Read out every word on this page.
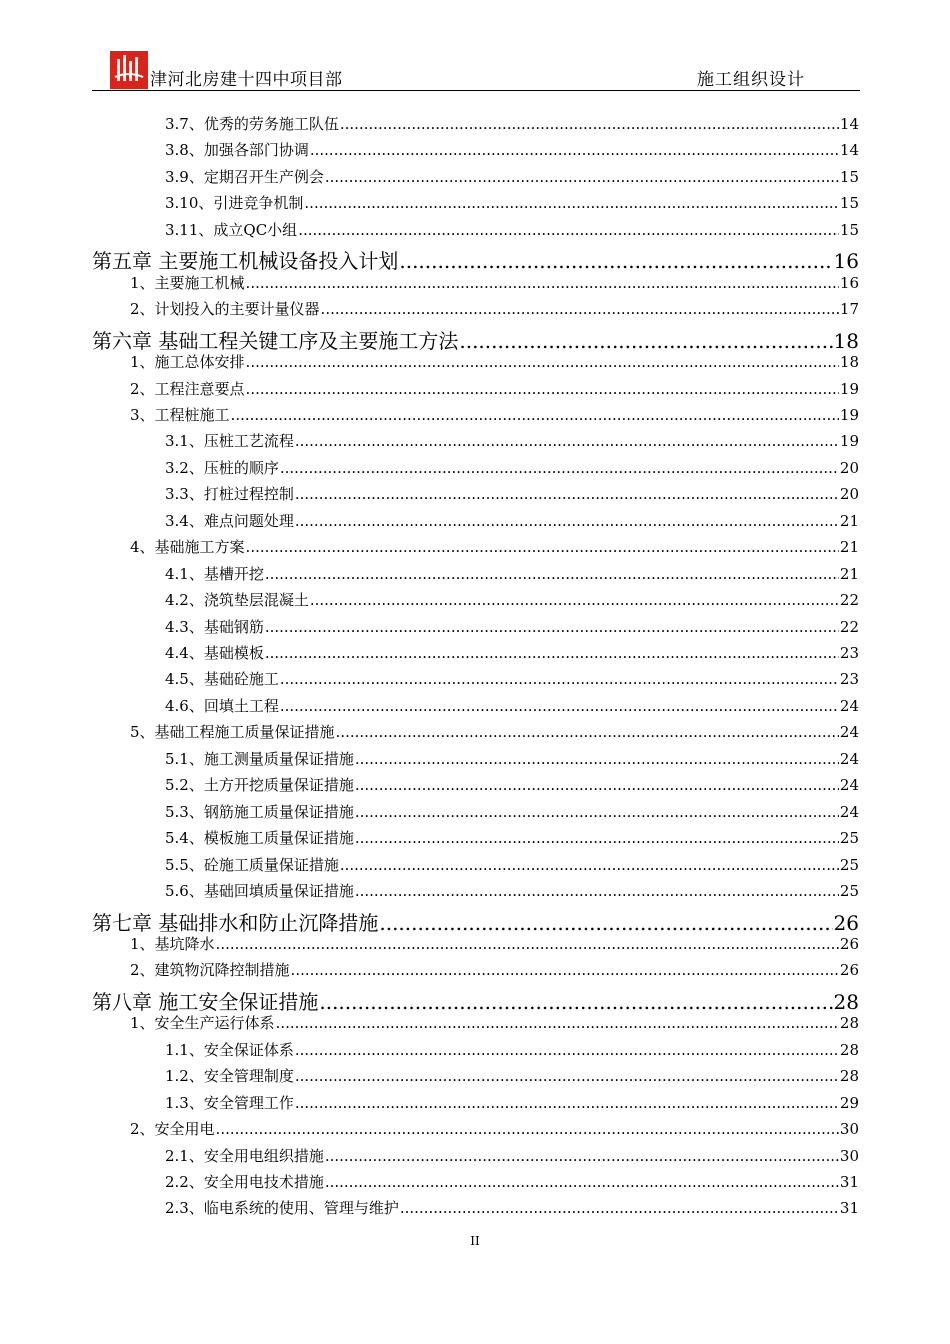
津河北房建十四中项目部	施工组织设计
3.7、优秀的劳务施工队伍 .....	14
3.8、加强各部门协调 .....	14
3.9、定期召开生产例会 .....	15
3.10、引进竞争机制 .....	15
3.11、成立QC小组 .....	15
第五章 主要施工机械设备投入计划 .....	16
1、主要施工机械 .....	16
2、计划投入的主要计量仪器 .....	17
第六章 基础工程关键工序及主要施工方法 .....	18
1、施工总体安排 .....	18
2、工程注意要点 .....	19
3、工程桩施工 .....	19
3.1、压桩工艺流程 .....	19
3.2、压桩的顺序 .....	20
3.3、打桩过程控制 .....	20
3.4、难点问题处理 .....	21
4、基础施工方案 .....	21
4.1、基槽开挖 .....	21
4.2、浇筑垫层混凝土 .....	22
4.3、基础钢筋 .....	22
4.4、基础模板 .....	23
4.5、基础砼施工 .....	23
4.6、回填土工程 .....	24
5、基础工程施工质量保证措施 .....	24
5.1、施工测量质量保证措施 .....	24
5.2、土方开挖质量保证措施 .....	24
5.3、钢筋施工质量保证措施 .....	24
5.4、模板施工质量保证措施 .....	25
5.5、砼施工质量保证措施 .....	25
5.6、基础回填质量保证措施 .....	25
第七章 基础排水和防止沉降措施 .....	26
1、基坑降水 .....	26
2、建筑物沉降控制措施 .....	26
第八章 施工安全保证措施 .....	28
1、安全生产运行体系 .....	28
1.1、安全保证体系 .....	28
1.2、安全管理制度 .....	28
1.3、安全管理工作 .....	29
2、安全用电 .....	30
2.1、安全用电组织措施 .....	30
2.2、安全用电技术措施 .....	31
2.3、临电系统的使用、管理与维护 .....	31
II
